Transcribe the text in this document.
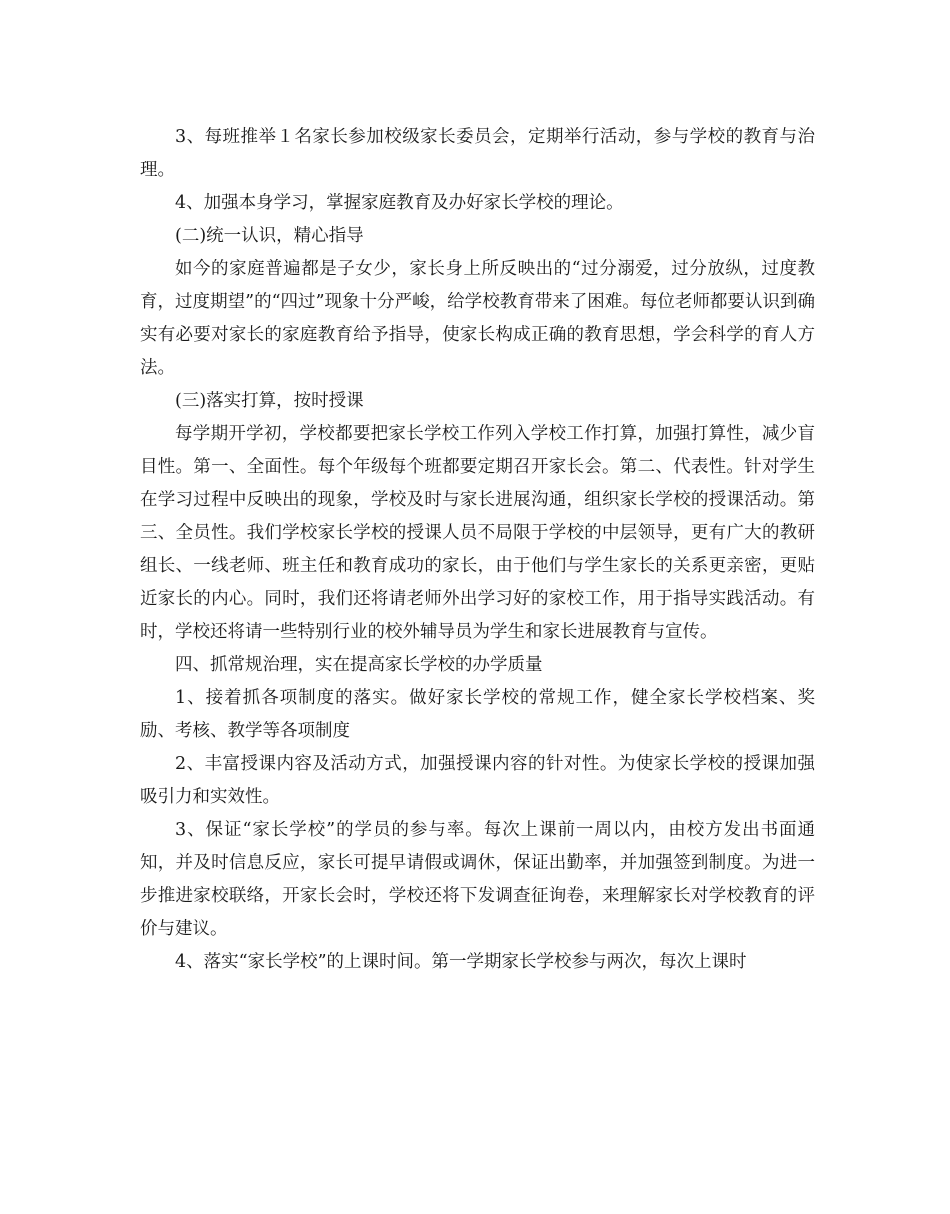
3、每班推举１名家长参加校级家长委员会，定期举行活动，参与学校的教育与治理。

4、加强本身学习，掌握家庭教育及办好家长学校的理论。

(二)统一认识，精心指导

如今的家庭普遍都是子女少，家长身上所反映出的“过分溺爱，过分放纵，过度教育，过度期望”的“四过”现象十分严峻，给学校教育带来了困难。每位老师都要认识到确实有必要对家长的家庭教育给予指导，使家长构成正确的教育思想，学会科学的育人方法。

(三)落实打算，按时授课

每学期开学初，学校都要把家长学校工作列入学校工作打算，加强打算性，减少盲目性。第一、全面性。每个年级每个班都要定期召开家长会。第二、代表性。针对学生在学习过程中反映出的现象，学校及时与家长进展沟通，组织家长学校的授课活动。第三、全员性。我们学校家长学校的授课人员不局限于学校的中层领导，更有广大的教研组长、一线老师、班主任和教育成功的家长，由于他们与学生家长的关系更亲密，更贴近家长的内心。同时，我们还将请老师外出学习好的家校工作，用于指导实践活动。有时，学校还将请一些特别行业的校外辅导员为学生和家长进展教育与宣传。

四、抓常规治理，实在提高家长学校的办学质量

1、接着抓各项制度的落实。做好家长学校的常规工作，健全家长学校档案、奖励、考核、教学等各项制度

2、丰富授课内容及活动方式，加强授课内容的针对性。为使家长学校的授课加强吸引力和实效性。

3、保证“家长学校”的学员的参与率。每次上课前一周以内，由校方发出书面通知，并及时信息反应，家长可提早请假或调休，保证出勤率，并加强签到制度。为进一步推进家校联络，开家长会时，学校还将下发调查征询卷，来理解家长对学校教育的评价与建议。

4、落实“家长学校”的上课时间。第一学期家长学校参与两次，每次上课时
